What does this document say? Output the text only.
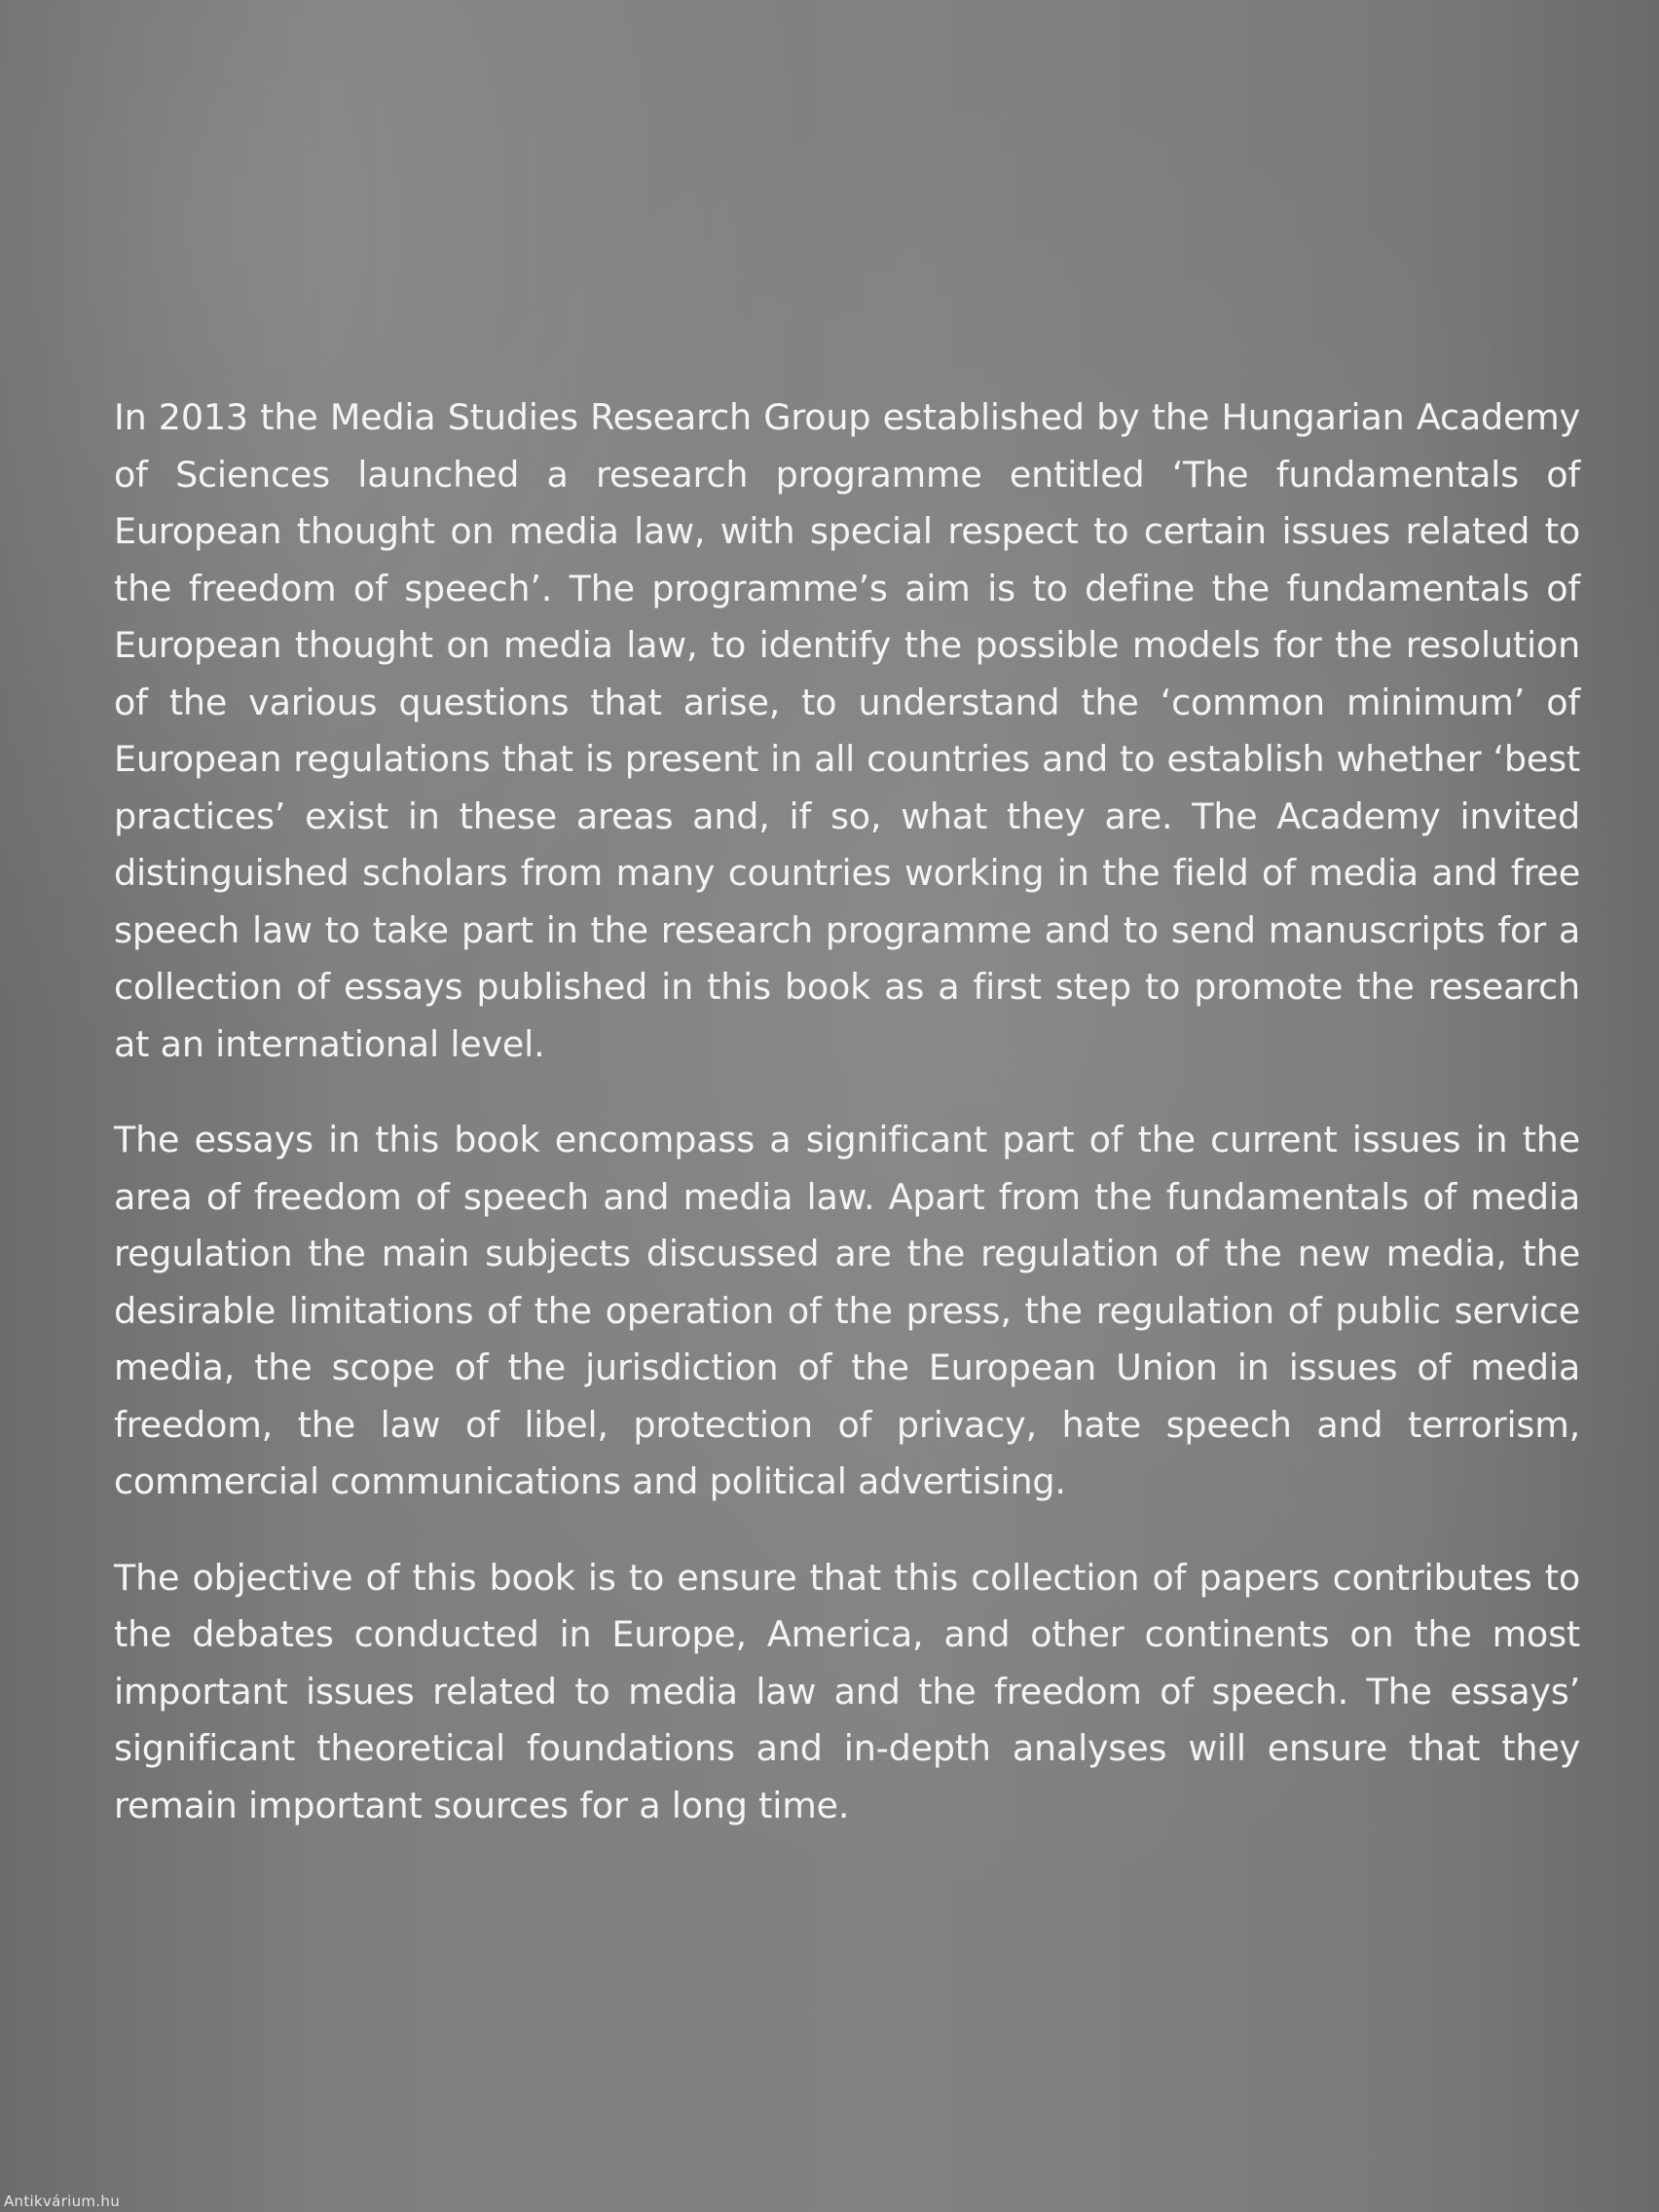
In 2013 the Media Studies Research Group established by the Hungarian Academy of Sciences launched a research programme entitled ‘The fundamentals of European thought on media law, with special respect to certain issues related to the freedom of speech’. The programme’s aim is to define the fundamentals of European thought on media law, to identify the possible models for the resolution of the various questions that arise, to understand the ‘common minimum’ of European regulations that is present in all countries and to establish whether ‘best practices’ exist in these areas and, if so, what they are. The Academy invited distinguished scholars from many countries working in the field of media and free speech law to take part in the research programme and to send manuscripts for a collection of essays published in this book as a first step to promote the research at an international level.

The essays in this book encompass a significant part of the current issues in the area of freedom of speech and media law. Apart from the fundamentals of media regulation the main subjects discussed are the regulation of the new media, the desirable limitations of the operation of the press, the regulation of public service media, the scope of the jurisdiction of the European Union in issues of media freedom, the law of libel, protection of privacy, hate speech and terrorism, commercial communications and political advertising.

The objective of this book is to ensure that this collection of papers contributes to the debates conducted in Europe, America, and other continents on the most important issues related to media law and the freedom of speech. The essays’ significant theoretical foundations and in-depth analyses will ensure that they remain important sources for a long time.

Antikvárium.hu
